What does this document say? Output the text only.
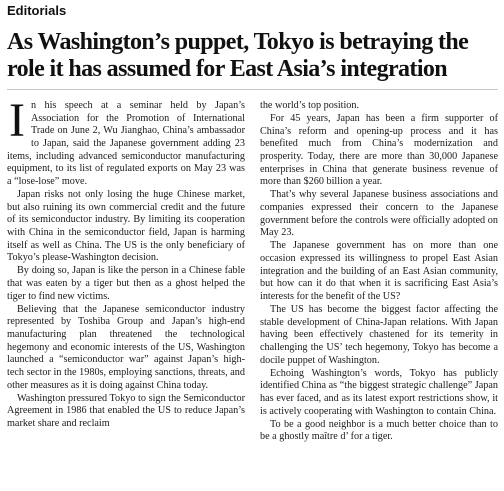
Editorials
As Washington’s puppet, Tokyo is betraying the role it has assumed for East Asia’s integration

In his speech at a seminar held by Japan’s Association for the Promotion of International Trade on June 2, Wu Jianghao, China’s ambassador to Japan, said the Japanese government adding 23 items, including advanced semiconductor manufacturing equipment, to its list of regulated exports on May 23 was a “lose-lose” move.

Japan risks not only losing the huge Chinese market, but also ruining its own commercial credit and the future of its semiconductor industry. By limiting its cooperation with China in the semiconductor field, Japan is harming itself as well as China. The US is the only beneficiary of Tokyo’s please-Washington decision.

By doing so, Japan is like the person in a Chinese fable that was eaten by a tiger but then as a ghost helped the tiger to find new victims.

Believing that the Japanese semiconductor industry represented by Toshiba Group and Japan’s high-end manufacturing plan threatened the technological hegemony and economic interests of the US, Washington launched a “semiconductor war” against Japan’s high-tech sector in the 1980s, employing sanctions, threats, and other measures as it is doing against China today.

Washington pressured Tokyo to sign the Semiconductor Agreement in 1986 that enabled the US to reduce Japan’s market share and reclaim

the world’s top position.

For 45 years, Japan has been a firm supporter of China’s reform and opening-up process and it has benefited much from China’s modernization and prosperity. Today, there are more than 30,000 Japanese enterprises in China that generate business revenue of more than $260 billion a year.

That’s why several Japanese business associations and companies expressed their concern to the Japanese government before the controls were officially adopted on May 23.

The Japanese government has on more than one occasion expressed its willingness to propel East Asian integration and the building of an East Asian community, but how can it do that when it is sacrificing East Asia’s interests for the benefit of the US?

The US has become the biggest factor affecting the stable development of China-Japan relations. With Japan having been effectively chastened for its temerity in challenging the US’ tech hegemony, Tokyo has become a docile puppet of Washington.

Echoing Washington’s words, Tokyo has publicly identified China as “the biggest strategic challenge” Japan has ever faced, and as its latest export restrictions show, it is actively cooperating with Washington to contain China.

To be a good neighbor is a much better choice than to be a ghostly maître d’ for a tiger.
